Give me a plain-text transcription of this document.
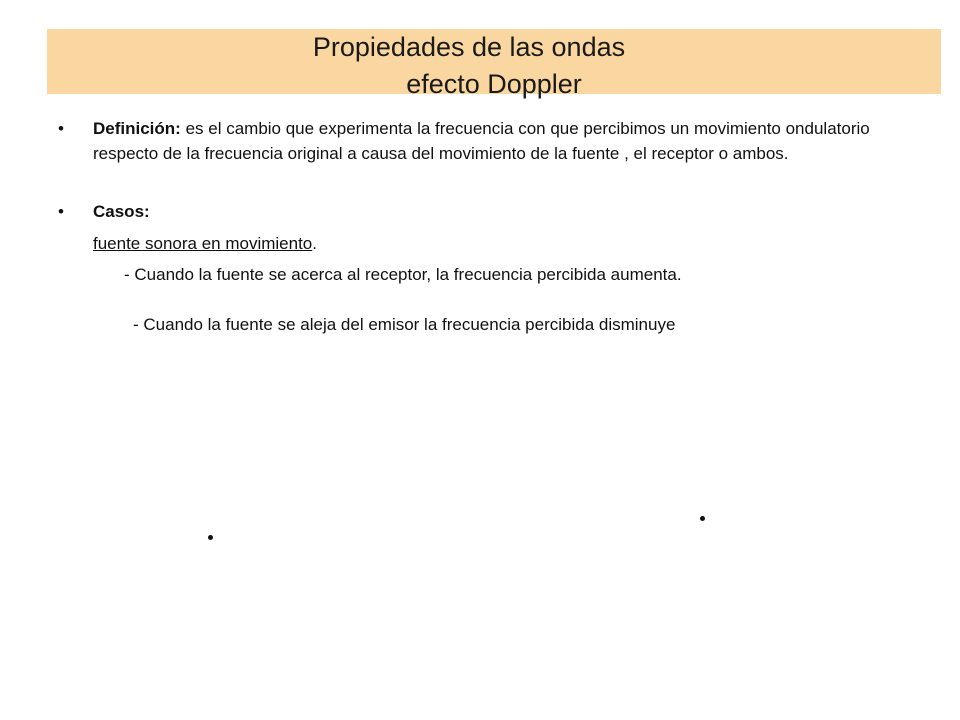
Propiedades de las ondas
efecto Doppler
• Definición: es el cambio que experimenta la frecuencia con que percibimos un movimiento ondulatorio respecto de la frecuencia original a causa del movimiento de la fuente , el receptor o ambos.
• Casos:
fuente sonora en movimiento.
- Cuando la fuente se acerca al receptor, la frecuencia percibida aumenta.
- Cuando la fuente se aleja del emisor la frecuencia percibida disminuye
